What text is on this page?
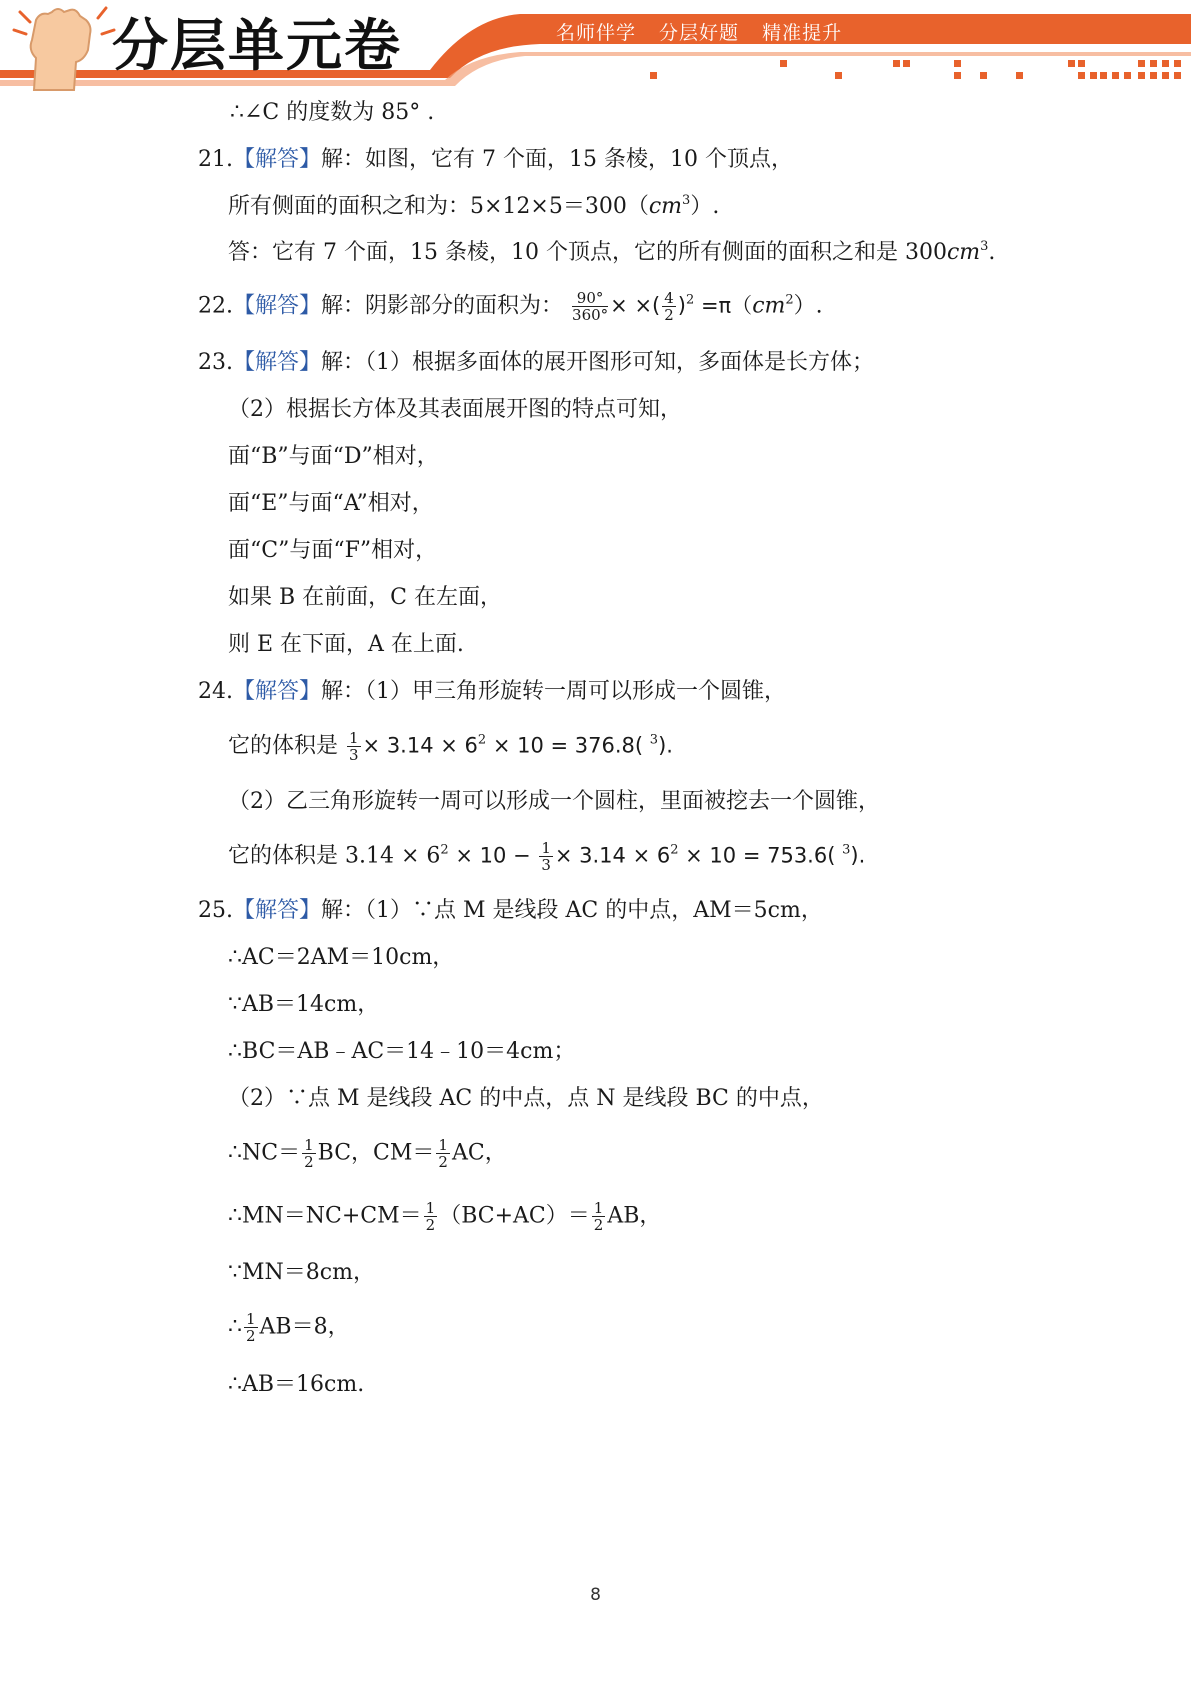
分层单元卷	名师伴学 分层好题 精准提升
∴∠C 的度数为 85° .
21.【解答】解：如图，它有 7 个面，15 条棱，10 个顶点，
所有侧面的面积之和为：$5\times 12\times 5=300(cm^3)$.
答：它有 7 个面，15 条棱，10 个顶点，它的所有侧面的面积之和是 $300cm^3$.
22.【解答】解：阴影部分的面积为： $\frac{90^\circ}{360^\circ}$ × ×( $\frac{4}{2} )^2 =\pi(cm^2)$.
23.【解答】解：（1）根据多面体的展开图形可知，多面体是长方体；
（2）根据长方体及其表面展开图的特点可知，
面“B”与面“D”相对，
面“E”与面“A”相对，
面“C”与面“F”相对，
如果 B 在前面，C 在左面，
则 E 在下面，A 在上面.
24.【解答】解：（1）甲三角形旋转一周可以形成一个圆锥，
它的体积是 $\frac{1}{3} \times 3.14 \times 6^2 \times 10 = 376.8$( $^3$).
（2）乙三角形旋转一周可以形成一个圆柱，里面被挖去一个圆锥，
它的体积是 $3.14 \times 6^2 \times 10 - \frac{1}{3} \times 3.14 \times 6^2 \times 10 = 753.6$( $^3$).
25.【解答】解：（1）∵点 M 是线段 AC 的中点，AM＝5cm，
∴AC＝2AM＝10cm，
∵AB＝14cm，
∴BC＝AB﹣AC＝14﹣10＝4cm；
（2）∵点 M 是线段 AC 的中点，点 N 是线段 BC 的中点，
∴NC＝ $\frac{1}{2}$ BC，$CM= \frac{1}{2}$ AC，
∴MN＝NC+CM＝ $\frac{1}{2} (BC+AC)= \frac{1}{2}$ AB，
∵MN＝8cm，
∴ $\frac{1}{2} AB=8$，
∴AB＝16cm.
8
